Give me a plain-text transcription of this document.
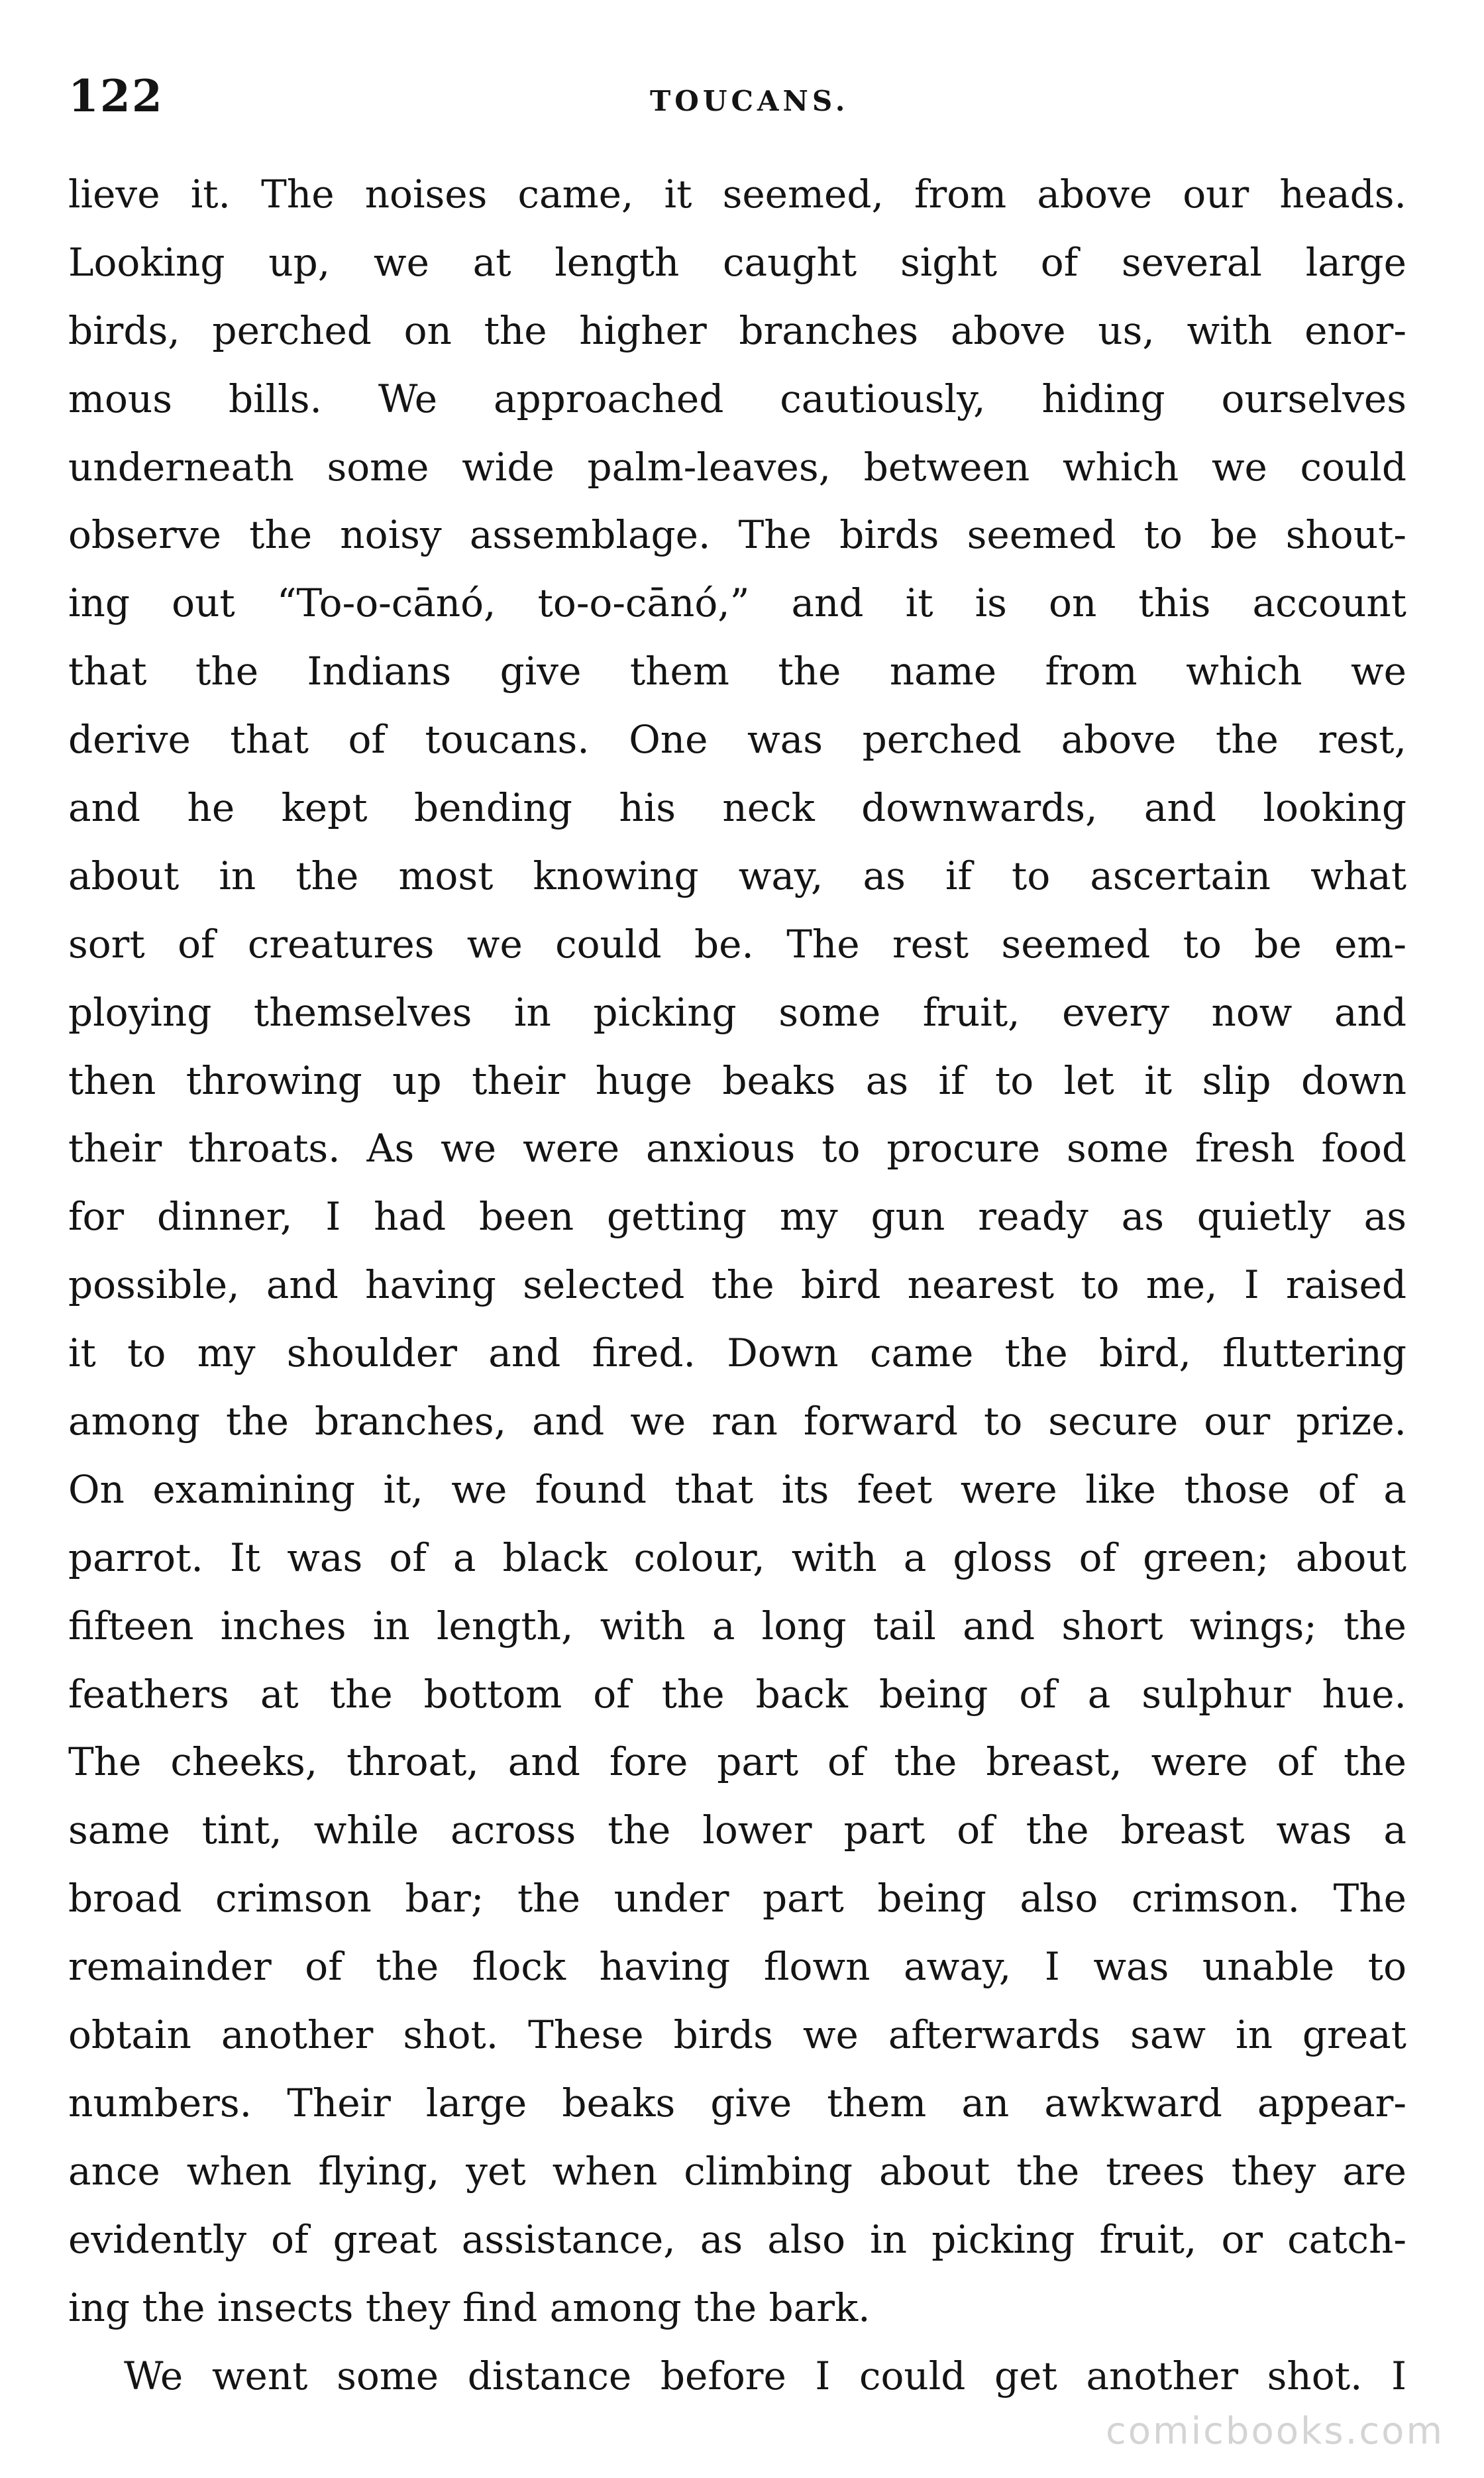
122	TOUCANS.
lieve it. The noises came, it seemed, from above our heads.
Looking up, we at length caught sight of several large
birds, perched on the higher branches above us, with enor-
mous bills. We approached cautiously, hiding ourselves
underneath some wide palm-leaves, between which we could
observe the noisy assemblage. The birds seemed to be shout-
ing out “To-o-cānó, to-o-cānó,” and it is on this account
that the Indians give them the name from which we
derive that of toucans. One was perched above the rest,
and he kept bending his neck downwards, and looking
about in the most knowing way, as if to ascertain what
sort of creatures we could be. The rest seemed to be em-
ploying themselves in picking some fruit, every now and
then throwing up their huge beaks as if to let it slip down
their throats. As we were anxious to procure some fresh food
for dinner, I had been getting my gun ready as quietly as
possible, and having selected the bird nearest to me, I raised
it to my shoulder and fired. Down came the bird, fluttering
among the branches, and we ran forward to secure our prize.
On examining it, we found that its feet were like those of a
parrot. It was of a black colour, with a gloss of green; about
fifteen inches in length, with a long tail and short wings; the
feathers at the bottom of the back being of a sulphur hue.
The cheeks, throat, and fore part of the breast, were of the
same tint, while across the lower part of the breast was a
broad crimson bar; the under part being also crimson. The
remainder of the flock having flown away, I was unable to
obtain another shot. These birds we afterwards saw in great
numbers. Their large beaks give them an awkward appear-
ance when flying, yet when climbing about the trees they are
evidently of great assistance, as also in picking fruit, or catch-
ing the insects they find among the bark.
We went some distance before I could get another shot. I
comicbooks.com
